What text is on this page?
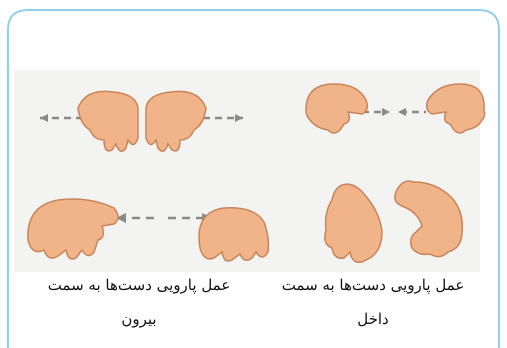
عمل پارویی دست‌ها به سمت
داخل
عمل پارویی دست‌ها به سمت
بیرون
